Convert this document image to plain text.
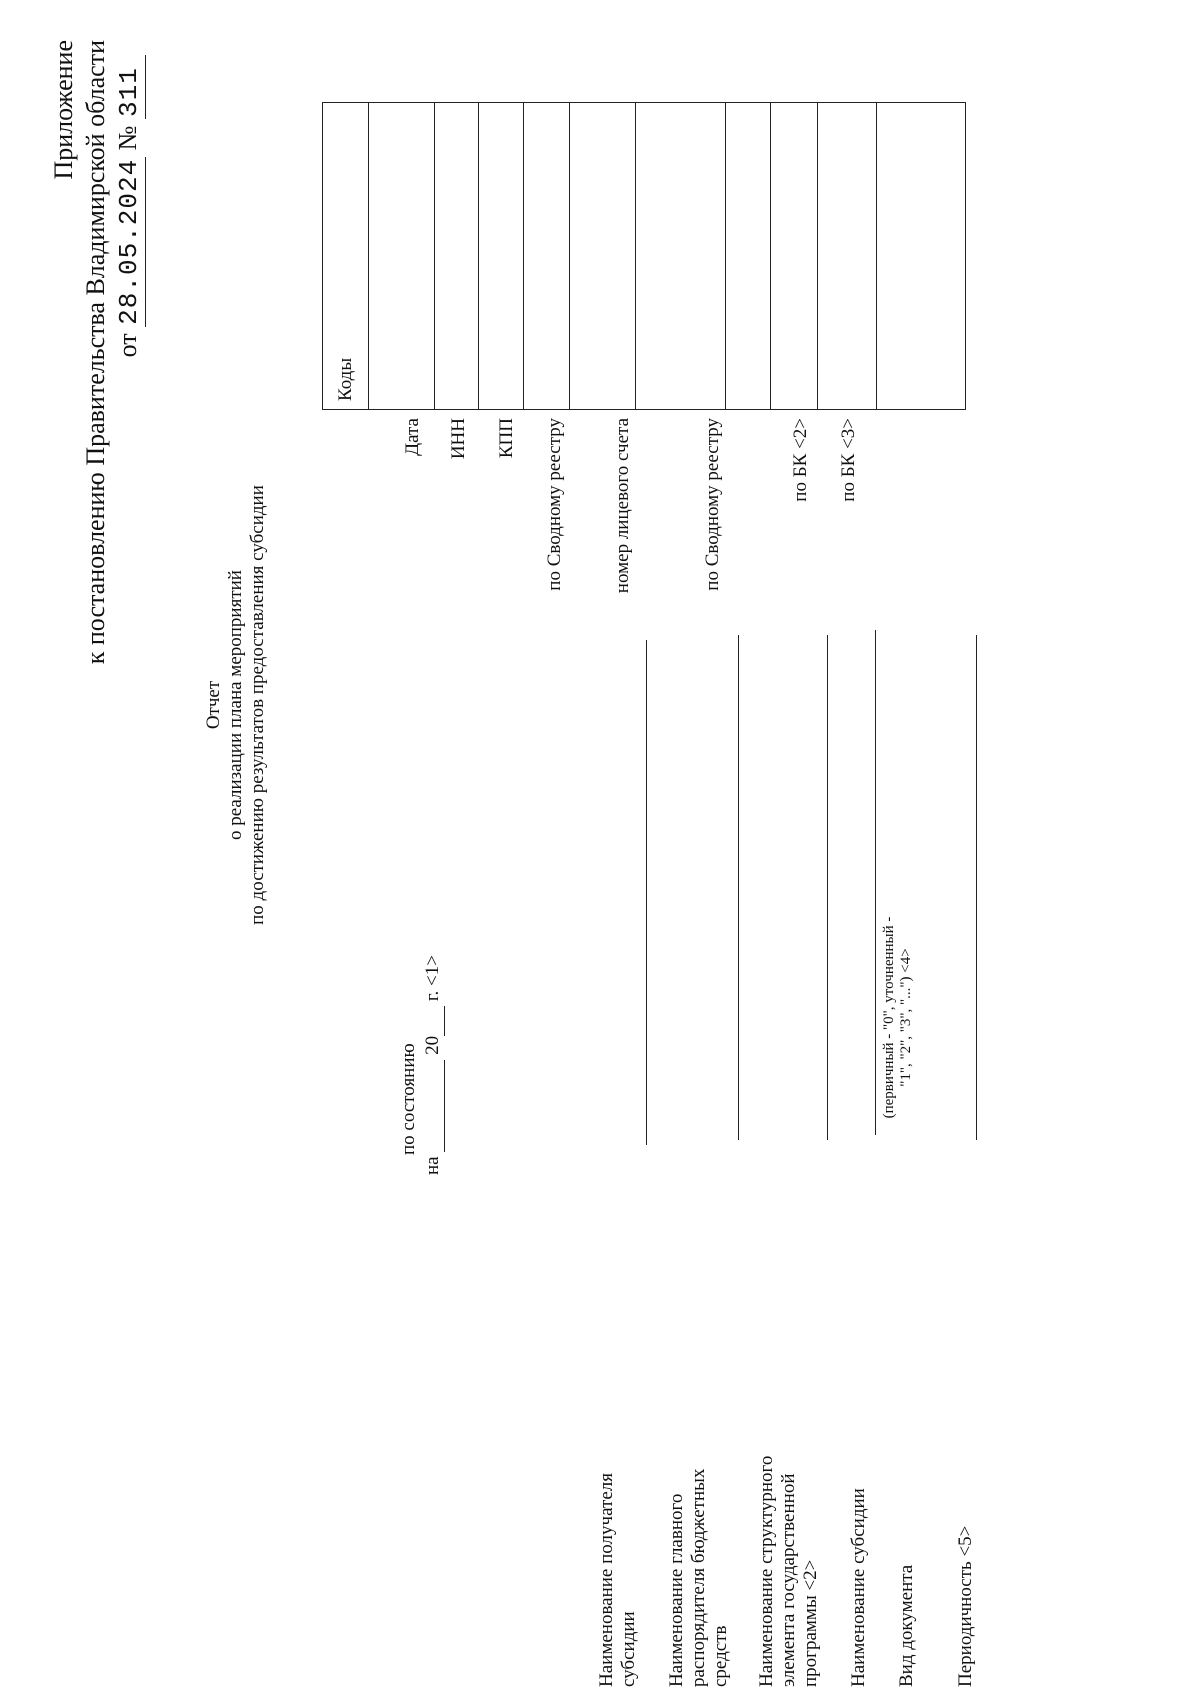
Приложение к постановлению Правительства Владимирской области от 28.05.2024 № 311
Отчет о реализации плана мероприятий по достижению результатов предоставления субсидии
по состоянию
на   20  г. <1>
Наименование получателя субсидии Наименование главного распорядителя бюджетных средств Наименование структурного элемента государственной программы <2> Наименование субсидии Вид документа Периодичность <5>
(первичный - "0", уточненный - "1", "2", "3", "...") <4>
Коды
Дата ИНН КПП по Сводному реестру номер лицевого счета	по Сводному реестру	по БК <2> по БК <3>
